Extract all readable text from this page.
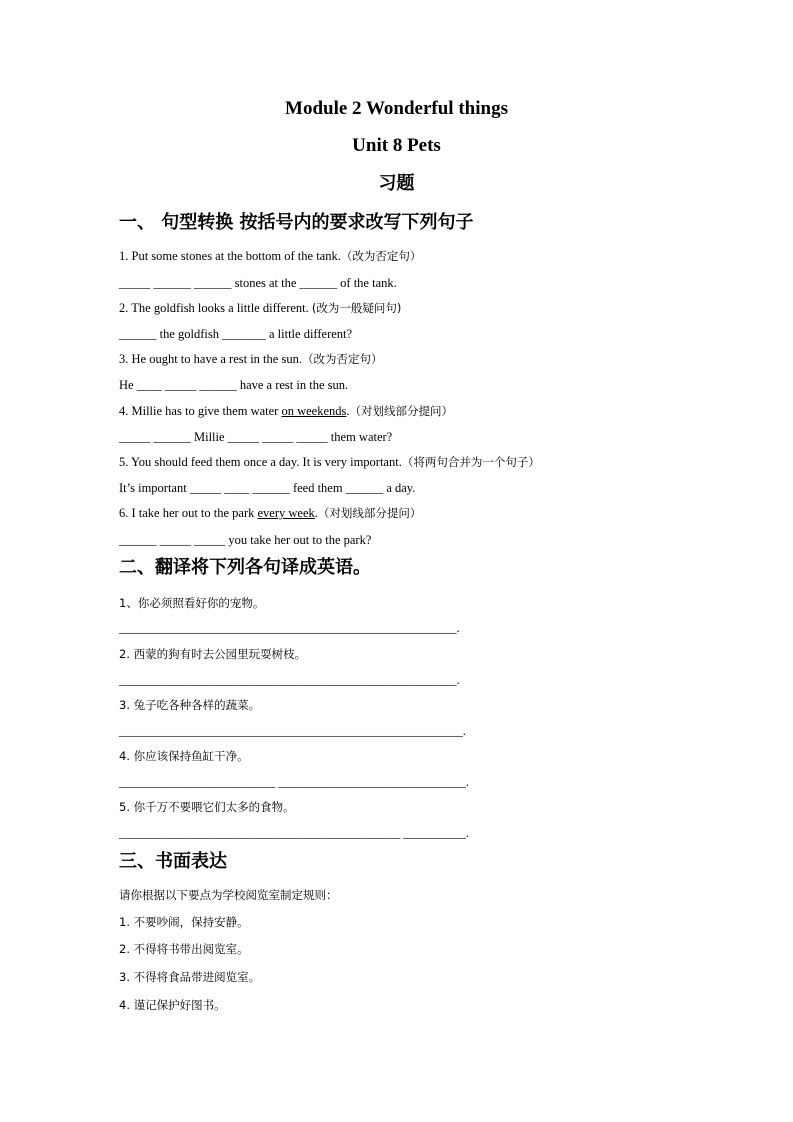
Module 2 Wonderful things
Unit 8 Pets
习题
一、 句型转换 按括号内的要求改写下列句子

1. Put some stones at the bottom of the tank.（改为否定句）

_____ ______ ______ stones at the ______ of the tank.

2. The goldfish looks a little different. (改为一般疑问句)

______ the goldfish _______ a little different?

3. He ought to have a rest in the sun.（改为否定句）

He ____ _____ ______ have a rest in the sun.

4. Millie has to give them water on weekends.（对划线部分提问）

_____ ______ Millie _____ _____ _____ them water?

5. You should feed them once a day. It is very important.（将两句合并为一个句子）

It’s important _____ ____ ______ feed them ______ a day.

6. I take her out to the park every week.（对划线部分提问）

______ _____ _____ you take her out to the park?

二、翻译将下列各句译成英语。

1、你必须照看好你的宠物。

______________________________________________________.

2. 西蒙的狗有时去公园里玩耍树枝。

______________________________________________________.

3. 兔子吃各种各样的蔬菜。

_______________________________________________________.

4. 你应该保持鱼缸干净。

_________________________ ______________________________.

5. 你千万不要喂它们太多的食物。

_____________________________________________ __________.

三、书面表达

请你根据以下要点为学校阅览室制定规则：

1. 不要吵闹，保持安静。

2. 不得将书带出阅览室。

3. 不得将食品带进阅览室。

4. 谨记保护好图书。
